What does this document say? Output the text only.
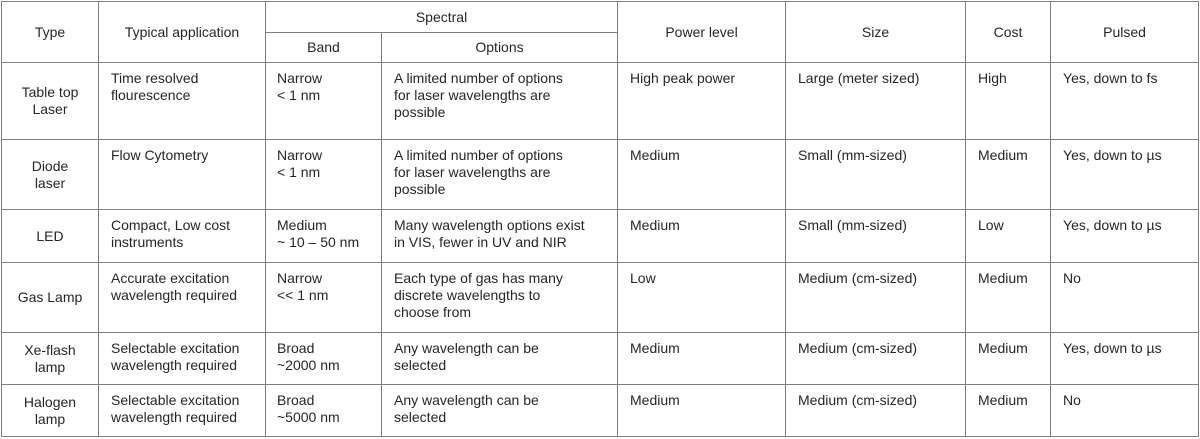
Type	Typical application	Spectral		Power level	Size	Cost	Pulsed
		Band	Options				

Table top
Laser	Time resolved
flourescence	Narrow
< 1 nm	A limited number of options
for laser wavelengths are
possible	High peak power	Large (meter sized)	High	Yes, down to fs

Diode
laser	Flow Cytometry	Narrow
< 1 nm	A limited number of options
for laser wavelengths are
possible	Medium	Small (mm-sized)	Medium	Yes, down to µs

LED	Compact, Low cost
instruments	Medium
~ 10 – 50 nm	Many wavelength options exist
in VIS, fewer in UV and NIR	Medium	Small (mm-sized)	Low	Yes, down to µs

Gas Lamp	Accurate excitation
wavelength required	Narrow
<< 1 nm	Each type of gas has many
discrete wavelengths to
choose from	Low	Medium (cm-sized)	Medium	No

Xe-flash
lamp	Selectable excitation
wavelength required	Broad
~2000 nm	Any wavelength can be
selected	Medium	Medium (cm-sized)	Medium	Yes, down to µs

Halogen
lamp	Selectable excitation
wavelength required	Broad
~5000 nm	Any wavelength can be
selected	Medium	Medium (cm-sized)	Medium	No
